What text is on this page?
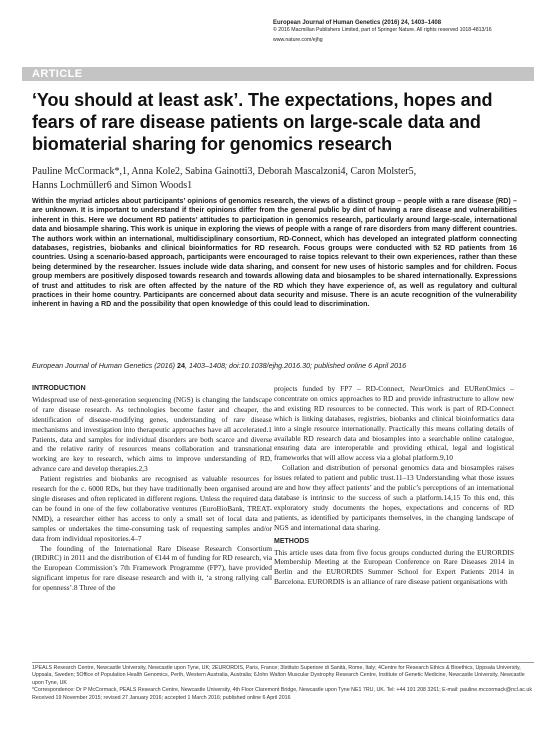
European Journal of Human Genetics (2016) 24, 1403–1408
© 2016 Macmillan Publishers Limited, part of Springer Nature. All rights reserved 1018-4813/16
www.nature.com/ejhg
ARTICLE
‘You should at least ask’. The expectations, hopes and fears of rare disease patients on large-scale data and biomaterial sharing for genomics research
Pauline McCormack*,1, Anna Kole2, Sabina Gainotti3, Deborah Mascalzoni4, Caron Molster5,
Hanns Lochmüller6 and Simon Woods1
Within the myriad articles about participants’ opinions of genomics research, the views of a distinct group – people with a rare disease (RD) – are unknown. It is important to understand if their opinions differ from the general public by dint of having a rare disease and vulnerabilities inherent in this. Here we document RD patients’ attitudes to participation in genomics research, particularly around large-scale, international data and biosample sharing. This work is unique in exploring the views of people with a range of rare disorders from many different countries. The authors work within an international, multidisciplinary consortium, RD-Connect, which has developed an integrated platform connecting databases, registries, biobanks and clinical bioinformatics for RD research. Focus groups were conducted with 52 RD patients from 16 countries. Using a scenario-based approach, participants were encouraged to raise topics relevant to their own experiences, rather than these being determined by the researcher. Issues include wide data sharing, and consent for new uses of historic samples and for children. Focus group members are positively disposed towards research and towards allowing data and biosamples to be shared internationally. Expressions of trust and attitudes to risk are often affected by the nature of the RD which they have experience of, as well as regulatory and cultural practices in their home country. Participants are concerned about data security and misuse. There is an acute recognition of the vulnerability inherent in having a RD and the possibility that open knowledge of this could lead to discrimination.
European Journal of Human Genetics (2016) 24, 1403–1408; doi:10.1038/ejhg.2016.30; published online 6 April 2016
INTRODUCTION

Widespread use of next-generation sequencing (NGS) is changing the landscape of rare disease research. As technologies become faster and cheaper, the identification of disease-modifying genes, understanding of rare disease mechanisms and investigation into therapeutic approaches have all accelerated.1 Patients, data and samples for individual disorders are both scarce and diverse and the relative rarity of resources means collaboration and transnational working are key to research, which aims to improve understanding of RD, advance care and develop therapies.2,3

Patient registries and biobanks are recognised as valuable resources for research for the c. 6000 RDs, but they have traditionally been organised around single diseases and often replicated in different regions. Unless the required data can be found in one of the few collaborative ventures (EuroBioBank, TREAT-NMD), a researcher either has access to only a small set of local data and samples or undertakes the time-consuming task of requesting samples and/or data from individual repositories.4–7

The founding of the International Rare Disease Research Consortium (IRDiRC) in 2011 and the distribution of €144 m of funding for RD research, via the European Commission’s 7th Framework Programme (FP7), have provided significant impetus for rare disease research and with it, ‘a strong rallying call for openness’.8 Three of the

projects funded by FP7 – RD-Connect, NeurOmics and EURenOmics – concentrate on omics approaches to RD and provide infrastructure to allow new and existing RD resources to be connected. This work is part of RD-Connect which is linking databases, registries, biobanks and clinical bioinformatics data into a single resource internationally. Practically this means collating details of available RD research data and biosamples into a searchable online catalogue, ensuring data are interoperable and providing ethical, legal and logistical frameworks that will allow access via a global platform.9,10

Collation and distribution of personal genomics data and biosamples raises issues related to patient and public trust.11–13 Understanding what those issues are and how they affect patients’ and the public’s perceptions of an international database is intrinsic to the success of such a platform.14,15 To this end, this exploratory study documents the hopes, expectations and concerns of RD patients, as identified by participants themselves, in the changing landscape of NGS and international data sharing.

METHODS

This article uses data from five focus groups conducted during the EURORDIS Membership Meeting at the European Conference on Rare Diseases 2014 in Berlin and the EURORDIS Summer School for Expert Patients 2014 in Barcelona. EURORDIS is an alliance of rare disease patient organisations with

1PEALS Research Centre, Newcastle University, Newcastle upon Tyne, UK; 2EURORDIS, Paris, France; 3Istituto Superiore di Sanità, Rome, Italy; 4Centre for Research Ethics & Bioethics, Uppsala University, Uppsala, Sweden; 5Office of Population Health Genomics, Perth, Western Australia, Australia; 6John Walton Muscular Dystrophy Research Centre, Institute of Genetic Medicine, Newcastle University, Newcastle upon Tyne, UK
*Correspondence: Dr P McCormack, PEALS Research Centre, Newcastle University, 4th Floor Claremont Bridge, Newcastle upon Tyne NE1 7RU, UK. Tel: +44 191 208 3261; E-mail: pauline.mccormack@ncl.ac.uk
Received 19 November 2015; revised 27 January 2016; accepted 1 March 2016; published online 6 April 2016
